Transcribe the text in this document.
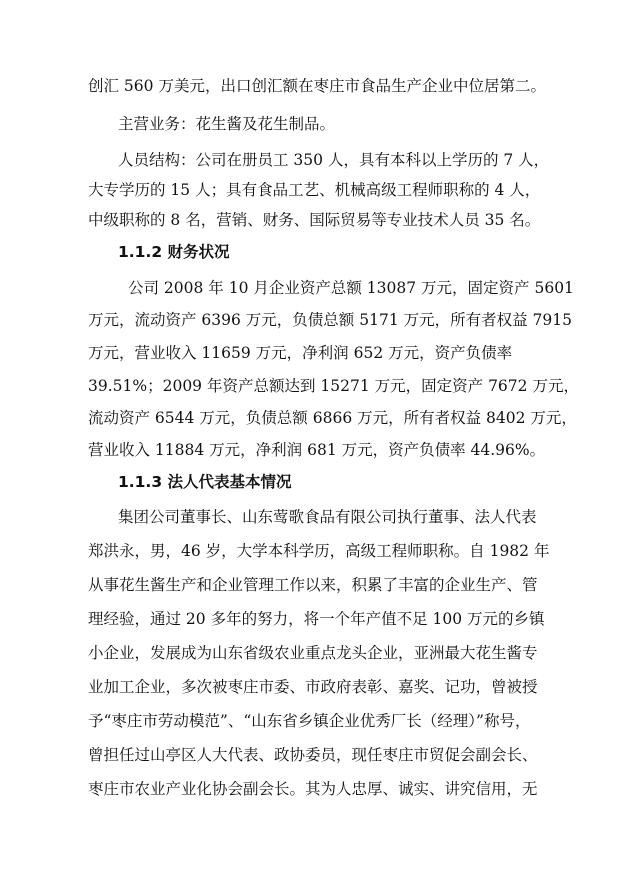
创汇 560 万美元，出口创汇额在枣庄市食品生产企业中位居第二。
主营业务：花生酱及花生制品。
人员结构：公司在册员工 350 人，具有本科以上学历的 7 人，
大专学历的 15 人；具有食品工艺、机械高级工程师职称的 4 人，
中级职称的 8 名，营销、财务、国际贸易等专业技术人员 35 名。
1.1.2 财务状况
公司 2008 年 10 月企业资产总额 13087 万元，固定资产 5601
万元，流动资产 6396 万元，负债总额 5171 万元，所有者权益 7915
万元，营业收入 11659 万元，净利润 652 万元，资产负债率
39.51%；2009 年资产总额达到 15271 万元，固定资产 7672 万元，
流动资产 6544 万元，负债总额 6866 万元，所有者权益 8402 万元，
营业收入 11884 万元，净利润 681 万元，资产负债率 44.96%。
1.1.3 法人代表基本情况
集团公司董事长、山东莺歌食品有限公司执行董事、法人代表
郑洪永，男，46 岁，大学本科学历，高级工程师职称。自 1982 年
从事花生酱生产和企业管理工作以来，积累了丰富的企业生产、管
理经验，通过 20 多年的努力，将一个年产值不足 100 万元的乡镇
小企业，发展成为山东省级农业重点龙头企业，亚洲最大花生酱专
业加工企业，多次被枣庄市委、市政府表彰、嘉奖、记功，曾被授
予“枣庄市劳动模范”、“山东省乡镇企业优秀厂长（经理）”称号，
曾担任过山亭区人大代表、政协委员，现任枣庄市贸促会副会长、
枣庄市农业产业化协会副会长。其为人忠厚、诚实、讲究信用，无
